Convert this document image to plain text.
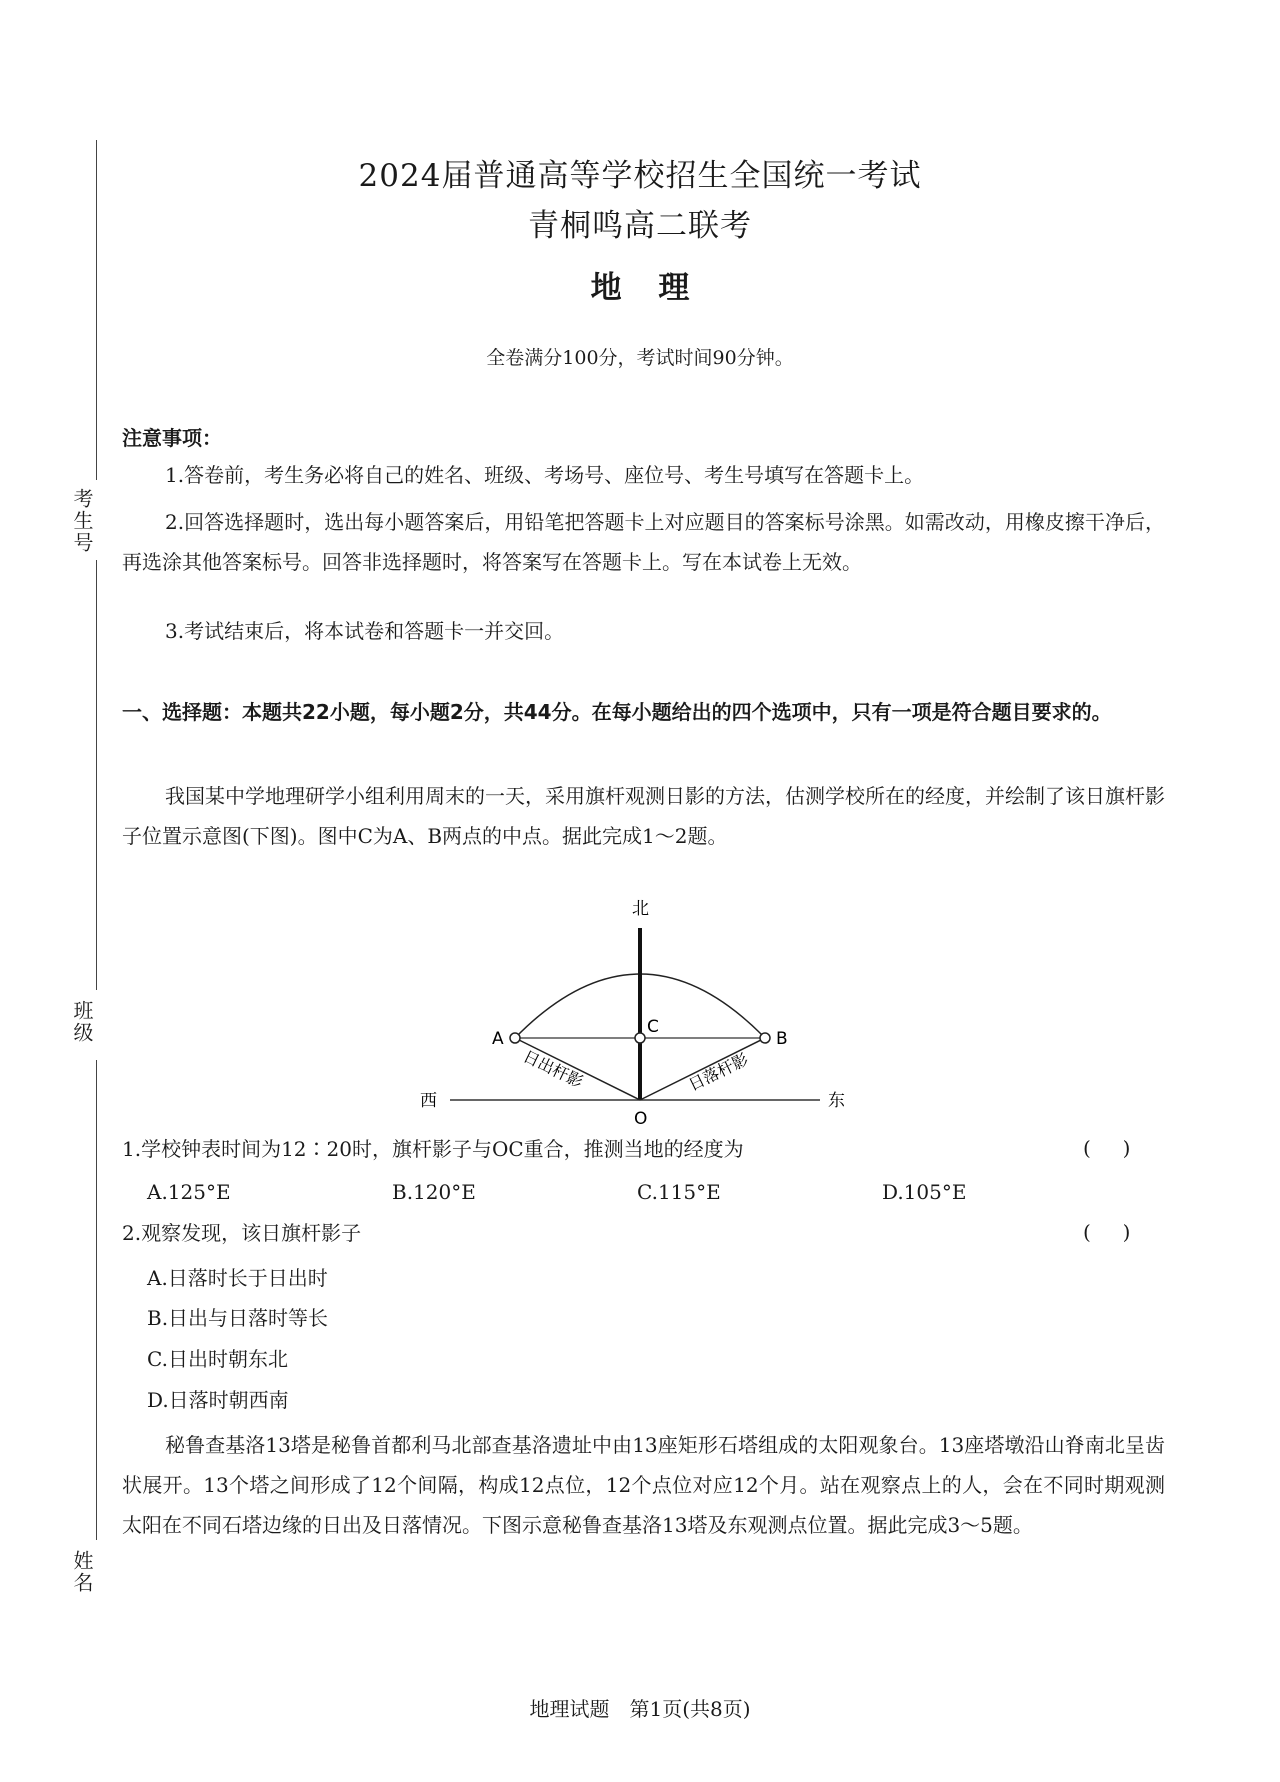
考生号
班级
姓名
2024届普通高等学校招生全国统一考试
青桐鸣高二联考
地 理
全卷满分100分，考试时间90分钟。
注意事项：
1.答卷前，考生务必将自己的姓名、班级、考场号、座位号、考生号填写在答题卡上。
2.回答选择题时，选出每小题答案后，用铅笔把答题卡上对应题目的答案标号涂黑。如需改动，用橡皮擦干净后，再选涂其他答案标号。回答非选择题时，将答案写在答题卡上。写在本试卷上无效。
3.考试结束后，将本试卷和答题卡一并交回。
一、选择题：本题共22小题，每小题2分，共44分。在每小题给出的四个选项中，只有一项是符合题目要求的。
我国某中学地理研学小组利用周末的一天，采用旗杆观测日影的方法，估测学校所在的经度，并绘制了该日旗杆影子位置示意图(下图)。图中C为A、B两点的中点。据此完成1～2题。
北
西	东
A	B
C
O
日出杆影	日落杆影
1.学校钟表时间为12∶20时，旗杆影子与OC重合，推测当地的经度为	(     )
A.125°E	B.120°E	C.115°E	D.105°E
2.观察发现，该日旗杆影子	(     )
A.日落时长于日出时
B.日出与日落时等长
C.日出时朝东北
D.日落时朝西南
秘鲁查基洛13塔是秘鲁首都利马北部查基洛遗址中由13座矩形石塔组成的太阳观象台。13座塔墩沿山脊南北呈齿状展开。13个塔之间形成了12个间隔，构成12点位，12个点位对应12个月。站在观察点上的人，会在不同时期观测太阳在不同石塔边缘的日出及日落情况。下图示意秘鲁查基洛13塔及东观测点位置。据此完成3～5题。
地理试题　第1页(共8页)
